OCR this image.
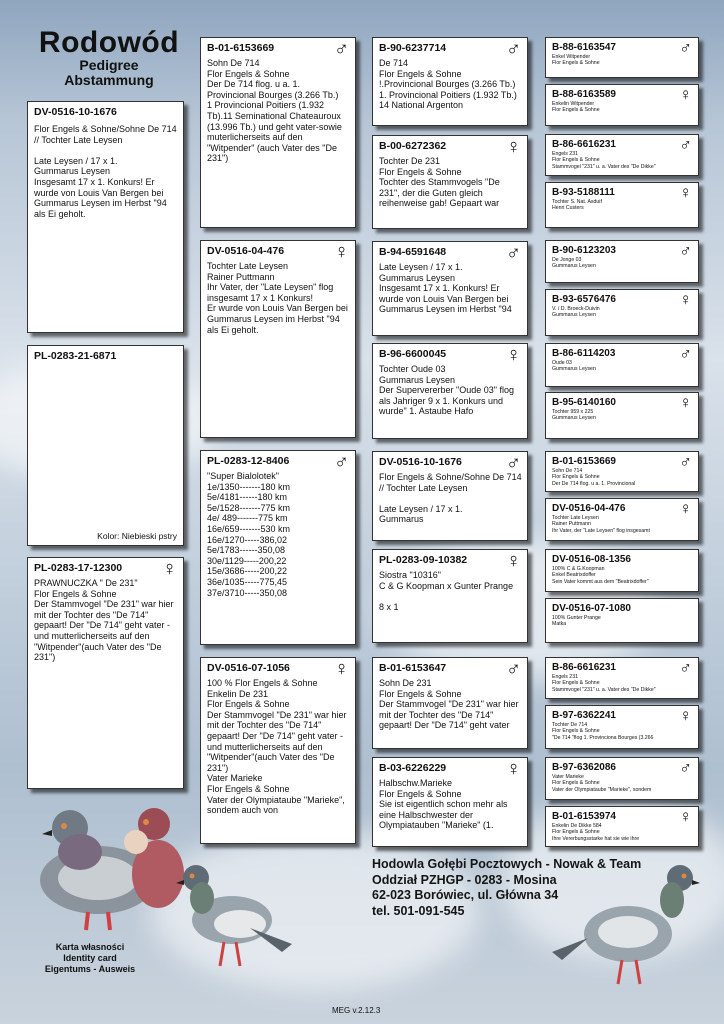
Rodowód
Pedigree
Abstammung
DV-0516-10-1676
Flor Engels & Sohne/Sohne De 714 // Tochter Late Leysen

Late Leysen / 17 x 1.
Gummarus Leysen
Insgesamt 17 x 1. Konkurs! Er wurde von Louis Van Bergen bei Gummarus Leysen im Herbst "94 als Ei geholt.
PL-0283-21-6871
Kolor: Niebieski pstry
PL-0283-17-12300 ♀
PRAWNUCZKA " De 231"
Flor Engels & Sohne
Der Stammvogel "De 231" war hier mit der Tochter des "De 714" gepaart! Der "De 714" geht vater - und mutterlicherseits auf den "Witpender"(auch Vater des "De 231")
B-01-6153669	♂
Sohn De 714
Flor Engels & Sohne
Der De 714 flog. u a. 1. Provincional Bourges (3.266 Tb.)
1 Provincional Poitiers (1.932 Tb).11 Seminational Chateauroux (13.996 Tb.) und geht vater-sowie muterlicherseits auf den "Witpender" (auch Vater des "De 231")
DV-0516-04-476 ♀
Tochter Late Leysen
Rainer Puttmann
Ihr Vater, der "Late Leysen" flog insgesamt 17 x 1 Konkurs!
Er wurde von Louis Van Bergen bei Gummarus Leysen im Herbst "94 als Ei geholt.
PL-0283-12-8406 ♂
"Super Bialolotek"
1e/1350-------180 km
5e/4181------180 km
5e/1528-------775 km
4e/ 489-------775 km
16e/659-------530 km
16e/1270-----386,02
5e/1783------350,08
30e/1129-----200,22
15e/3686-----200,22
36e/1035-----775,45
37e/3710-----350,08
DV-0516-07-1056 ♀
100 % Flor Engels & Sohne
Enkelin De 231
Flor Engels & Sohne
Der Stammvogel "De 231" war hier mit der Tochter des "De 714" gepaart! Der "De 714" geht vater - und mutterlicherseits auf den "Witpender"(auch Vater des "De 231")
Vater Marieke
Flor Engels & Sohne
Vater der Olympiataube "Marieke", sondem auch von
B-90-6237714	♂
De 714
Flor Engels & Sohne
!.Provincional Bourges (3.266 Tb.) 1. Provincional Poitiers (1.932 Tb.) 14 National Argenton
B-00-6272362	♀
Tochter De 231
Flor Engels & Sohne
Tochter des Stammvogels "De 231", der die Guten gleich reihenweise gab! Gepaart war
B-94-6591648	♂
Late Leysen / 17 x 1.
Gummarus Leysen
Insgesamt 17 x 1. Konkurs! Er wurde von Louis Van Bergen bei Gummarus Leysen im Herbst "94
B-96-6600045	♀
Tochter Oude 03
Gummarus Leysen
Der Supervererber "Oude 03" flog als Jahriger 9 x 1. Konkurs und wurde" 1. Astaube Hafo
DV-0516-10-1676 ♂
Flor Engels & Sohne/Sohne De 714 // Tochter Late Leysen

Late Leysen / 17 x 1.
Gummarus
PL-0283-09-10382 ♀
Siostra "10316"
C & G Koopman x Gunter Prange

8 x 1
B-01-6153647	♂
Sohn De 231
Flor Engels & Sohne
Der Stammvogel "De 231" war hier mit der Tochter des "De 714" gepaart! Der "De 714" geht vater
B-03-6226229	♀
Halbschw.Marieke
Flor Engels & Sohne
Sie ist eigentlich schon mehr als eine Halbschwester der Olympiatauben "Marieke" (1.
B-88-6163547	♂
Enkel Witpender
Flor Engels & Sohne
B-88-6163589	♀
Enkelin Witpender
Flor Engels & Sohne
B-86-6616231	♂
Engels 231
Flor Engels & Sohne
Stammvogel "231" u. a. Vater des "De Dikke"
B-93-5188111	♀
Tochter S. Nat. Asduif
Henri Custers
B-90-6123203	♂
De Jonge 03
Gummarus Leysen
B-93-6576476	♀
V. / D. Broeck-Duivin
Gummarus Leysen
B-86-6114203	♂
Oude 03
Gummarus Leysen
B-95-6140160	♀
Tochter 959 x 225
Gummarus Leysen
B-01-6153669	♂
Sohn De 714
Flor Engels & Sohne
Der De 714 flog. u a. 1. Provincional
DV-0516-04-476	♀
Tochter Late Leysen
Rainer Puttmann
Ihr Vater, der "Late Leysen" flog insgesamt
DV-0516-08-1356
100% C & G.Koopman
Enkel Beatrixdoffer
Sein Vater kommt aus dem "Beatrixdoffer"
DV-0516-07-1080
100% Gunter Prange
Matka
B-86-6616231	♂
Engels 231
Flor Engels & Sohne
Stammvogel "231" u. a. Vater des "De Dikke"
B-97-6362241	♀
Tochter De 714
Flor Engels & Sohne
"De 714 "flog 1. Provinciona Bourges (3.266
B-97-6362086	♂
Vater Marieke
Flor Engels & Sohne
Vater der Olympiataube "Marieke", sondem
B-01-6153974	♀
Enkelin De Dikke 584
Flor Engels & Sohne
Ihre Vererbungsstarke hat sie wie ihre
Hodowla Gołębi Pocztowych - Nowak & Team
Oddział PZHGP - 0283 - Mosina
62-023 Borówiec, ul. Główna 34
tel. 501-091-545
Karta własności
Identity card
Eigentums - Ausweis
MEG v.2.12.3
